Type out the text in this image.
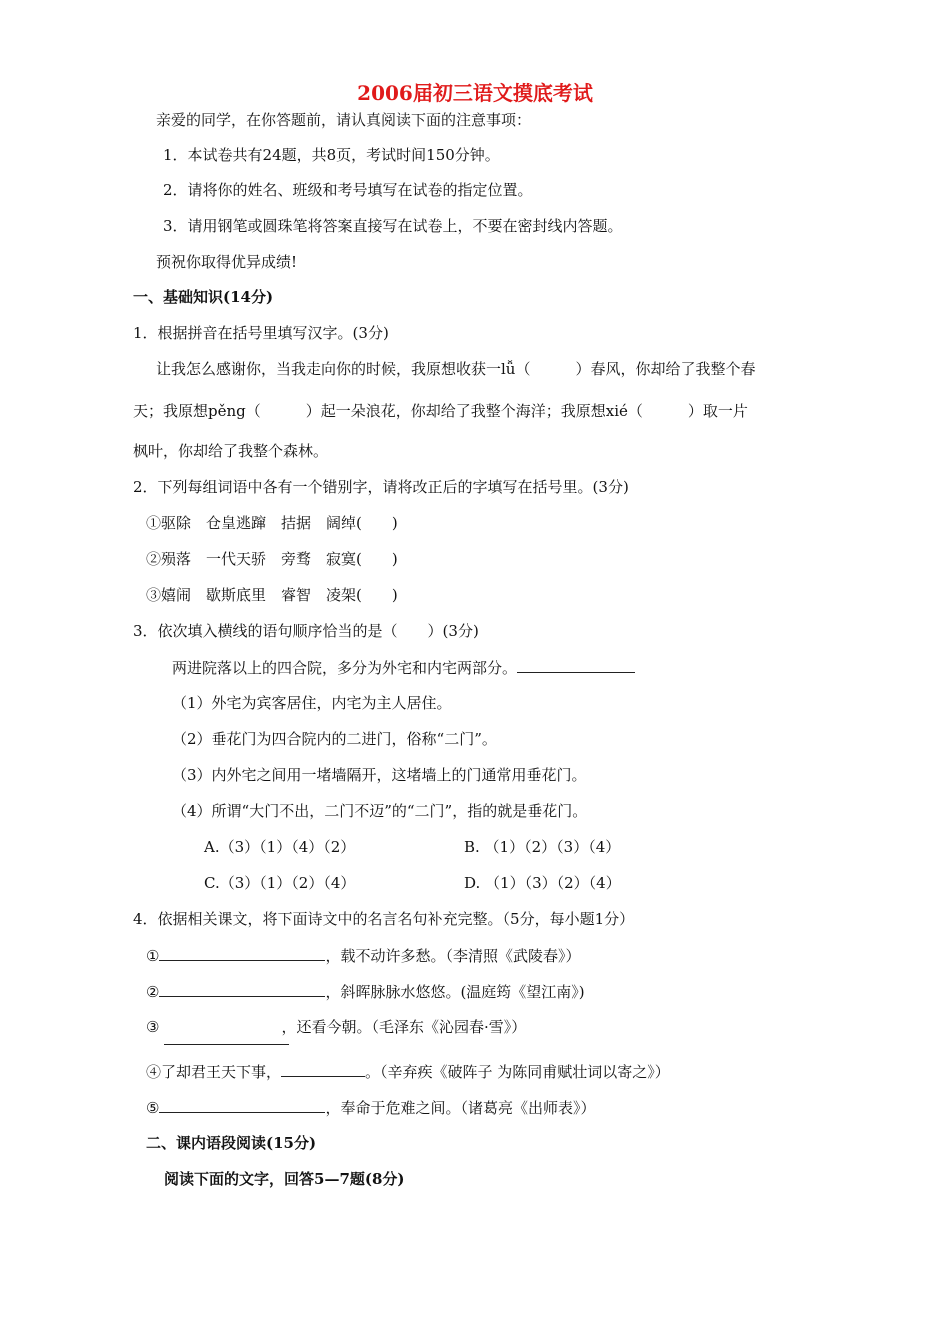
2006届初三语文摸底考试
亲爱的同学，在你答题前，请认真阅读下面的注意事项：
1．本试卷共有24题，共8页，考试时间150分钟。
2．请将你的姓名、班级和考号填写在试卷的指定位置。
3．请用钢笔或圆珠笔将答案直接写在试卷上，不要在密封线内答题。
预祝你取得优异成绩!
一、基础知识(14分)
1．根据拼音在括号里填写汉字。(3分)
让我怎么感谢你，当我走向你的时候，我原想收获一lǚ（　　　）春风，你却给了我整个春
天；我原想pěng（　　　）起一朵浪花，你却给了我整个海洋；我原想xié（　　　）取一片
枫叶，你却给了我整个森林。
2．下列每组词语中各有一个错别字，请将改正后的字填写在括号里。(3分)
①驱除　仓皇逃蹿　拮据　阔绰(　　)
②殒落　一代天骄　旁骛　寂寞(　　)
③嬉闹　歇斯底里　睿智　凌架(　　)
3．依次填入横线的语句顺序恰当的是（　　）(3分)
两进院落以上的四合院，多分为外宅和内宅两部分。
（1）外宅为宾客居住，内宅为主人居住。
（2）垂花门为四合院内的二进门，俗称“二门”。
（3）内外宅之间用一堵墙隔开，这堵墙上的门通常用垂花门。
（4）所谓“大门不出，二门不迈”的“二门”，指的就是垂花门。
A.（3）（1）（4）（2）	B. （1）（2）（3）（4）
C.（3）（1）（2）（4）	D. （1）（3）（2）（4）
4．依据相关课文，将下面诗文中的名言名句补充完整。（5分，每小题1分）
①	，载不动许多愁。（李清照《武陵春》）
②	，斜晖脉脉水悠悠。(温庭筠《望江南》)
③	，还看今朝。（毛泽东《沁园春·雪》）
④了却君王天下事，	。（辛弃疾《破阵子 为陈同甫赋壮词以寄之》）
⑤	，奉命于危难之间。（诸葛亮《出师表》）
二、课内语段阅读(15分)
阅读下面的文字，回答5—7题(8分)
